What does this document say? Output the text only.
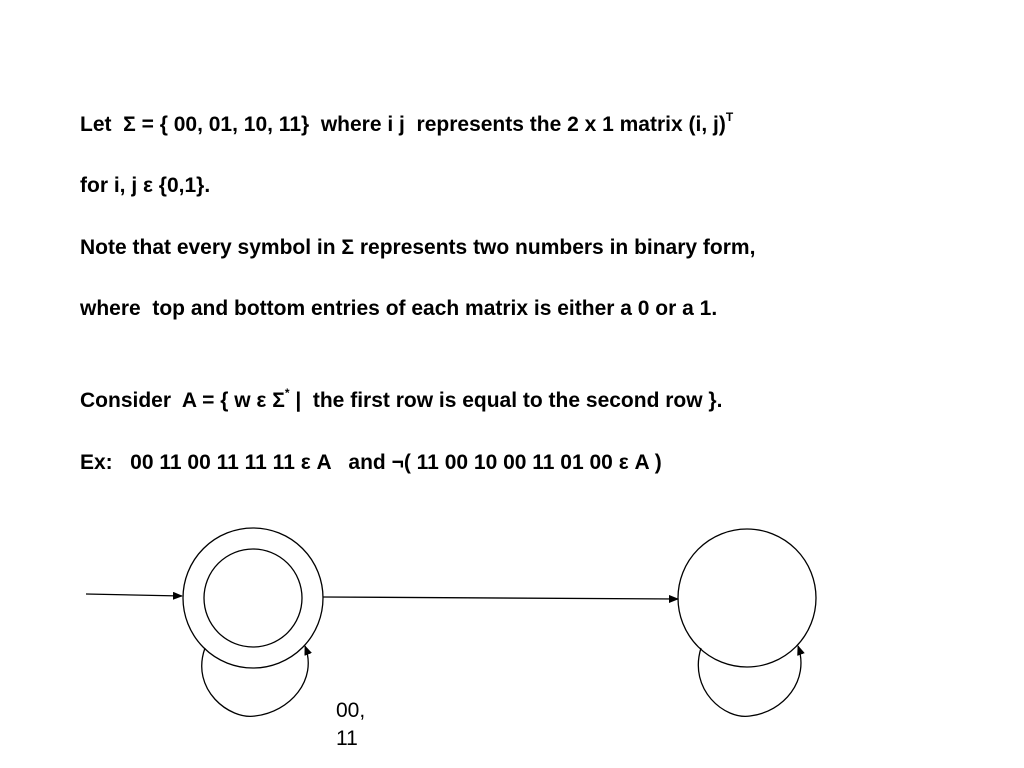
Let  Σ = { 00, 01, 10, 11}  where i j  represents the 2 x 1 matrix (i, j)$^T$
for i, j ε {0,1}.
Note that every symbol in Σ represents two numbers in binary form,
where  top and bottom entries of each matrix is either a 0 or a 1.
Consider  A = { w ε Σ* |  the first row is equal to the second row }.
Ex:   00 11 00 11 11 11 ε A   and ¬( 11 00 10 00 11 01 00 ε A )
00,
11
